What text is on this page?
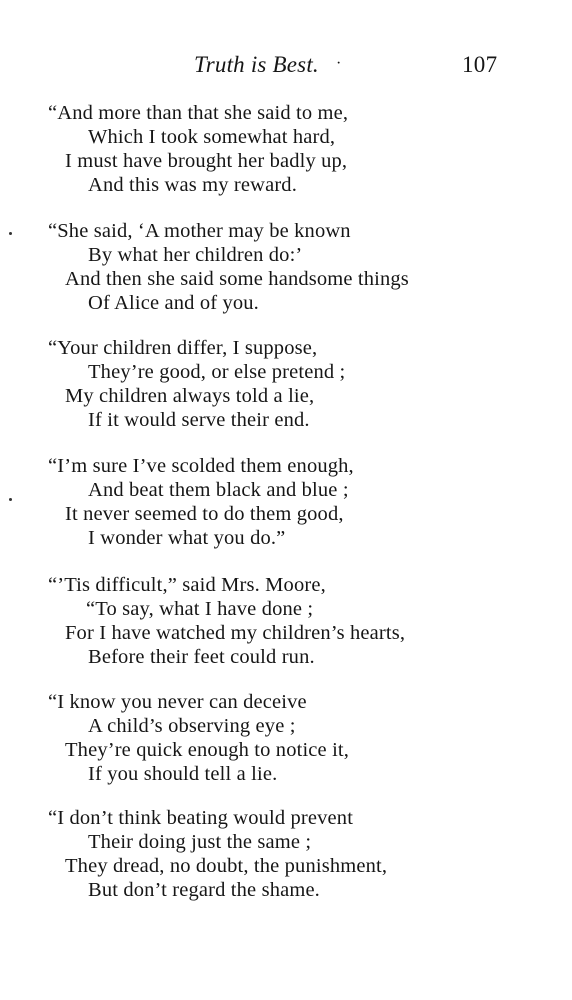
Truth is Best. ·	107
“And more than that she said to me,
Which I took somewhat hard,
I must have brought her badly up,
And this was my reward.
“She said, ‘A mother may be known
By what her children do:’
And then she said some handsome things
Of Alice and of you.
“Your children differ, I suppose,
They’re good, or else pretend ;
My children always told a lie,
If it would serve their end.
“I’m sure I’ve scolded them enough,
And beat them black and blue ;
It never seemed to do them good,
I wonder what you do.”
“’Tis difficult,” said Mrs. Moore,
“To say, what I have done ;
For I have watched my children’s hearts,
Before their feet could run.
“I know you never can deceive
A child’s observing eye ;
They’re quick enough to notice it,
If you should tell a lie.
“I don’t think beating would prevent
Their doing just the same ;
They dread, no doubt, the punishment,
But don’t regard the shame.
